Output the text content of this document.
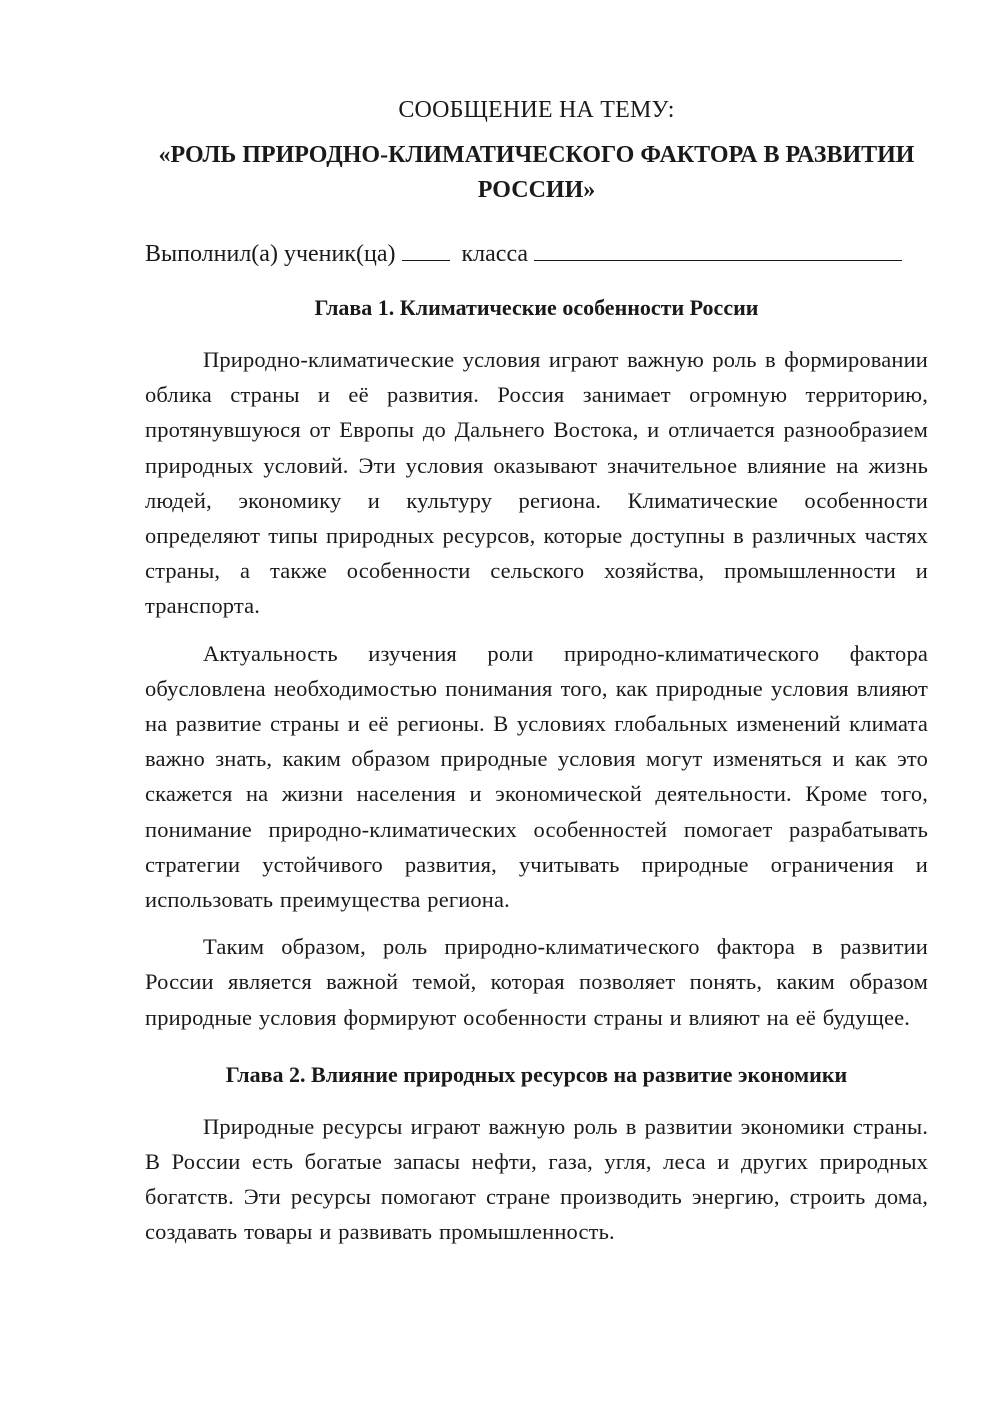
СООБЩЕНИЕ НА ТЕМУ:
«РОЛЬ ПРИРОДНО-КЛИМАТИЧЕСКОГО ФАКТОРА В РАЗВИТИИ РОССИИ»
Выполнил(а) ученик(ца)	класса
Глава 1. Климатические особенности России

Природно-климатические условия играют важную роль в формировании облика страны и её развития. Россия занимает огромную территорию, протянувшуюся от Европы до Дальнего Востока, и отличается разнообразием природных условий. Эти условия оказывают значительное влияние на жизнь людей, экономику и культуру региона. Климатические особенности определяют типы природных ресурсов, которые доступны в различных частях страны, а также особенности сельского хозяйства, промышленности и транспорта.

Актуальность изучения роли природно-климатического фактора обусловлена необходимостью понимания того, как природные условия влияют на развитие страны и её регионы. В условиях глобальных изменений климата важно знать, каким образом природные условия могут изменяться и как это скажется на жизни населения и экономической деятельности. Кроме того, понимание природно-климатических особенностей помогает разрабатывать стратегии устойчивого развития, учитывать природные ограничения и использовать преимущества региона.

Таким образом, роль природно-климатического фактора в развитии России является важной темой, которая позволяет понять, каким образом природные условия формируют особенности страны и влияют на её будущее.

Глава 2. Влияние природных ресурсов на развитие экономики

Природные ресурсы играют важную роль в развитии экономики страны. В России есть богатые запасы нефти, газа, угля, леса и других природных богатств. Эти ресурсы помогают стране производить энергию, строить дома, создавать товары и развивать промышленность.
